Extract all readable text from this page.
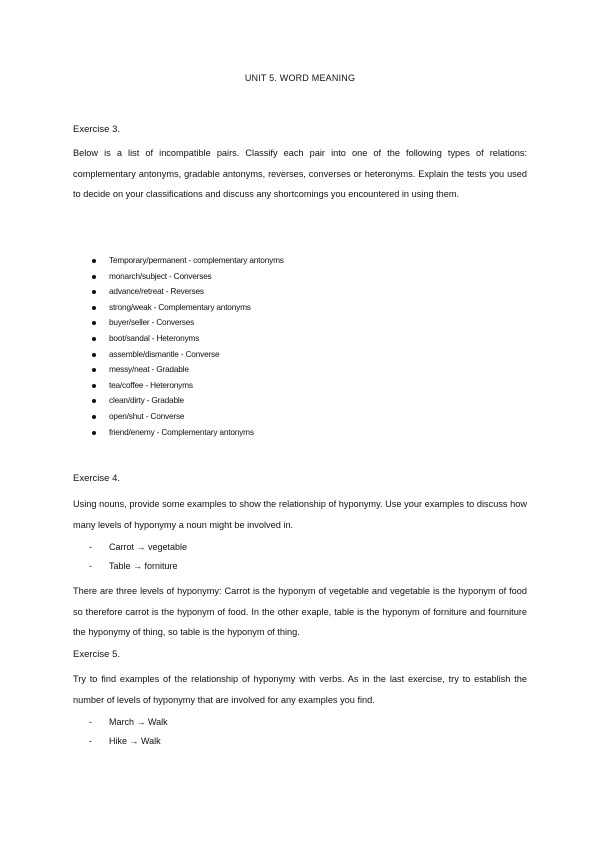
UNIT 5. WORD MEANING
Exercise 3.

Below is a list of incompatible pairs. Classify each pair into one of the following types of relations: complementary antonyms, gradable antonyms, reverses, converses or heteronyms. Explain the tests you used to decide on your classifications and discuss any shortcomings you encountered in using them.

Temporary/permanent - complementary antonyms
monarch/subject - Converses
advance/retreat - Reverses
strong/weak - Complementary antonyms
buyer/seller - Converses
boot/sandal - Heteronyms
assemble/dismantle - Converse
messy/neat - Gradable
tea/coffee - Heteronyms
clean/dirty - Gradable
open/shut - Converse
friend/enemy - Complementary antonyms
Exercise 4.

Using nouns, provide some examples to show the relationship of hyponymy. Use your examples to discuss how many levels of hyponymy a noun might be involved in.

- Carrot → vegetable
- Table → forniture

There are three levels of hyponymy: Carrot is the hyponym of vegetable and vegetable is the hyponym of food so therefore carrot is the hyponym of food. In the other exaple, table is the hyponym of forniture and fourniture the hyponymy of thing, so table is the hyponym of thing.

Exercise 5.

Try to find examples of the relationship of hyponymy with verbs. As in the last exercise, try to establish the number of levels of hyponymy that are involved for any examples you find.

- March → Walk
- Hike → Walk
